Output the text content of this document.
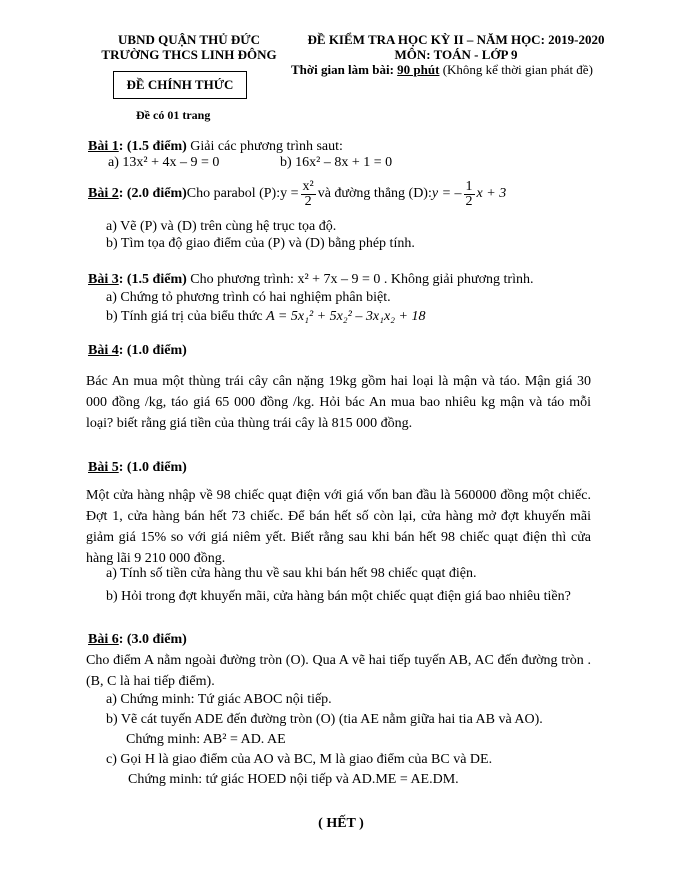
UBND QUẬN THỦ ĐỨC
TRƯỜNG THCS LINH ĐÔNG
ĐỀ CHÍNH THỨC
Đề có 01 trang
ĐỀ KIỂM TRA HỌC KỲ II – NĂM HỌC: 2019-2020
MÔN: TOÁN - LỚP 9
Thời gian làm bài: 90 phút (Không kể thời gian phát đề)
Bài 1: (1.5 điểm) Giải các phương trình saut:
a) 13x² + 4x – 9 = 0	b) 16x² – 8x + 1 = 0
Bài 2 : (2.0 điểm) Cho parabol (P): $y = \frac{\text{x²}}{2}$ và đường thẳng (D): y = – $\frac{1}{2}$ x + 3
a) Vẽ (P) và (D) trên cùng hệ trục tọa độ.
b) Tìm tọa độ giao điểm của (P) và (D) bằng phép tính.
Bài 3: (1.5 điểm) Cho phương trình: x² + 7x – 9 = 0 . Không giải phương trình.
a) Chứng tỏ phương trình có hai nghiệm phân biệt.
b) Tính giá trị của biểu thức A = 5x₁² + 5x₂² – 3x₁x₂ + 18
Bài 4: (1.0 điểm)
Bác An mua một thùng trái cây cân nặng 19kg gồm hai loại là mận và táo. Mận giá 30 000 đồng /kg, táo giá 65 000 đồng /kg. Hỏi bác An mua bao nhiêu kg mận và táo mỗi loại? biết rằng giá tiền của thùng trái cây là 815 000 đồng.
Bài 5: (1.0 điểm)
Một cửa hàng nhập về 98 chiếc quạt điện với giá vốn ban đầu là 560000 đồng một chiếc. Đợt 1, cửa hàng bán hết 73 chiếc. Để bán hết số còn lại, cửa hàng mở đợt khuyến mãi giảm giá 15% so với giá niêm yết. Biết rằng sau khi bán hết 98 chiếc quạt điện thì cửa hàng lãi 9 210 000 đồng.
a) Tính số tiền cửa hàng thu về sau khi bán hết 98 chiếc quạt điện.
b) Hỏi trong đợt khuyến mãi, cửa hàng bán một chiếc quạt điện giá bao nhiêu tiền?
Bài 6: (3.0 điểm)
Cho điểm A nằm ngoài đường tròn (O). Qua A vẽ hai tiếp tuyến AB, AC đến đường tròn . (B, C là hai tiếp điểm).
a) Chứng minh: Tứ giác ABOC nội tiếp.
b) Vẽ cát tuyến ADE đến đường tròn (O) (tia AE nằm giữa hai tia AB và AO).
Chứng minh: AB² = AD. AE
c) Gọi H là giao điểm của AO và BC, M là giao điểm của BC và DE.
Chứng minh: tứ giác HOED nội tiếp và AD.ME = AE.DM.
( HẾT )
